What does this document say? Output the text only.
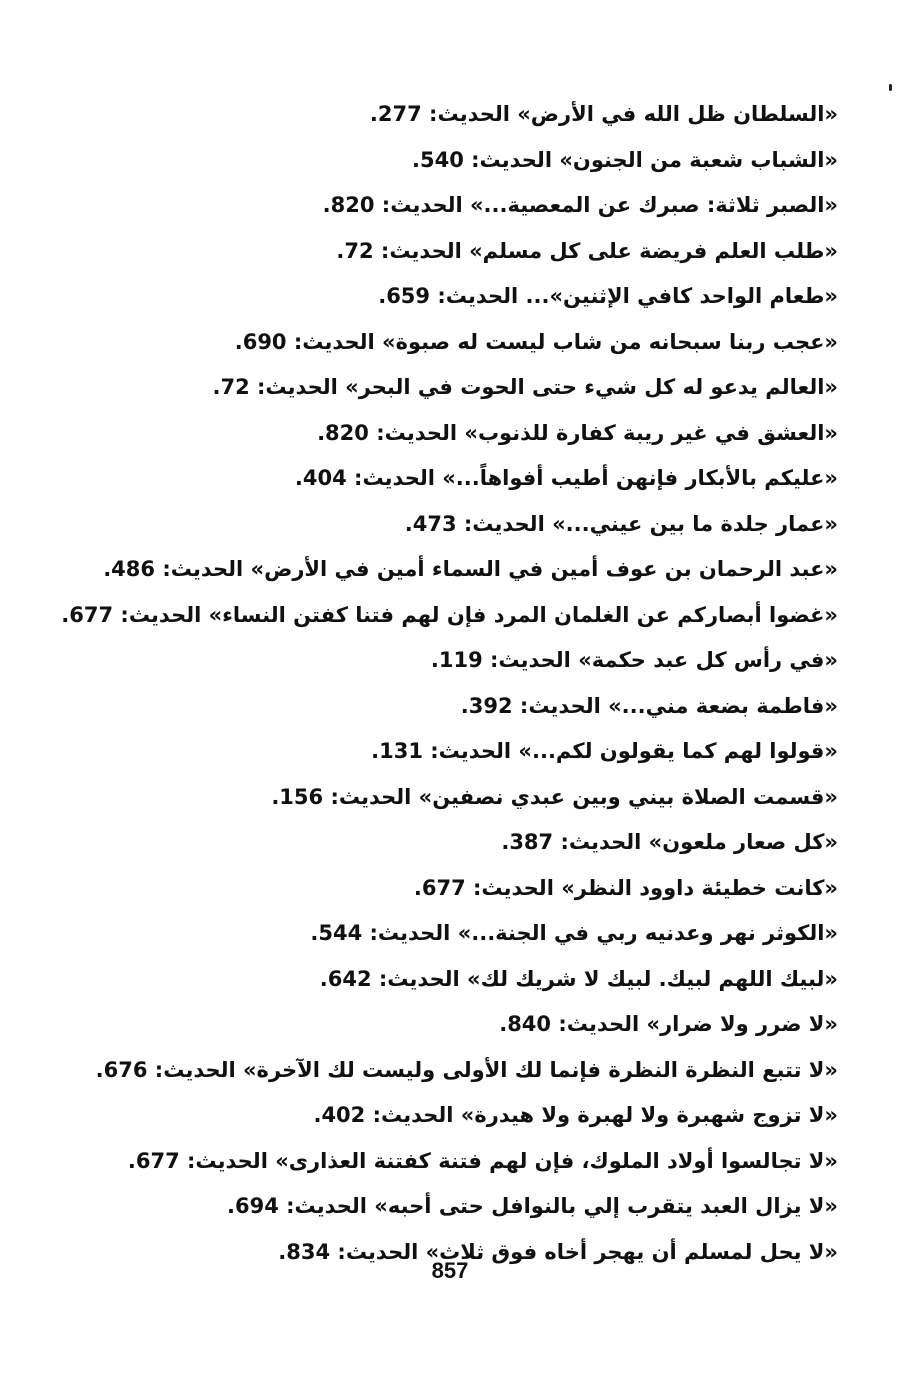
«السلطان ظل الله في الأرض» الحديث: 277.
«الشباب شعبة من الجنون» الحديث: 540.
«الصبر ثلاثة: صبرك عن المعصية...» الحديث: 820.
«طلب العلم فريضة على كل مسلم» الحديث: 72.
«طعام الواحد كافي الإثنين»... الحديث: 659.
«عجب ربنا سبحانه من شاب ليست له صبوة» الحديث: 690.
«العالم يدعو له كل شيء حتى الحوت في البحر» الحديث: 72.
«العشق في غير ريبة كفارة للذنوب» الحديث: 820.
«عليكم بالأبكار فإنهن أطيب أفواهاً...» الحديث: 404.
«عمار جلدة ما بين عيني...» الحديث: 473.
«عبد الرحمان بن عوف أمين في السماء أمين في الأرض» الحديث: 486.
«غضوا أبصاركم عن الغلمان المرد فإن لهم فتنا كفتن النساء» الحديث: 677.
«في رأس كل عبد حكمة» الحديث: 119.
«فاطمة بضعة مني...» الحديث: 392.
«قولوا لهم كما يقولون لكم...» الحديث: 131.
«قسمت الصلاة بيني وبين عبدي نصفين» الحديث: 156.
«كل صعار ملعون» الحديث: 387.
«كانت خطيئة داوود النظر» الحديث: 677.
«الكوثر نهر وعدنيه ربي في الجنة...» الحديث: 544.
«لبيك اللهم لبيك. لبيك لا شريك لك» الحديث: 642.
«لا ضرر ولا ضرار» الحديث: 840.
«لا تتبع النظرة النظرة فإنما لك الأولى وليست لك الآخرة» الحديث: 676.
«لا تزوج شهبرة ولا لهبرة ولا هيدرة» الحديث: 402.
«لا تجالسوا أولاد الملوك، فإن لهم فتنة كفتنة العذارى» الحديث: 677.
«لا يزال العبد يتقرب إلي بالنوافل حتى أحبه» الحديث: 694.
«لا يحل لمسلم أن يهجر أخاه فوق ثلاث» الحديث: 834.
857
